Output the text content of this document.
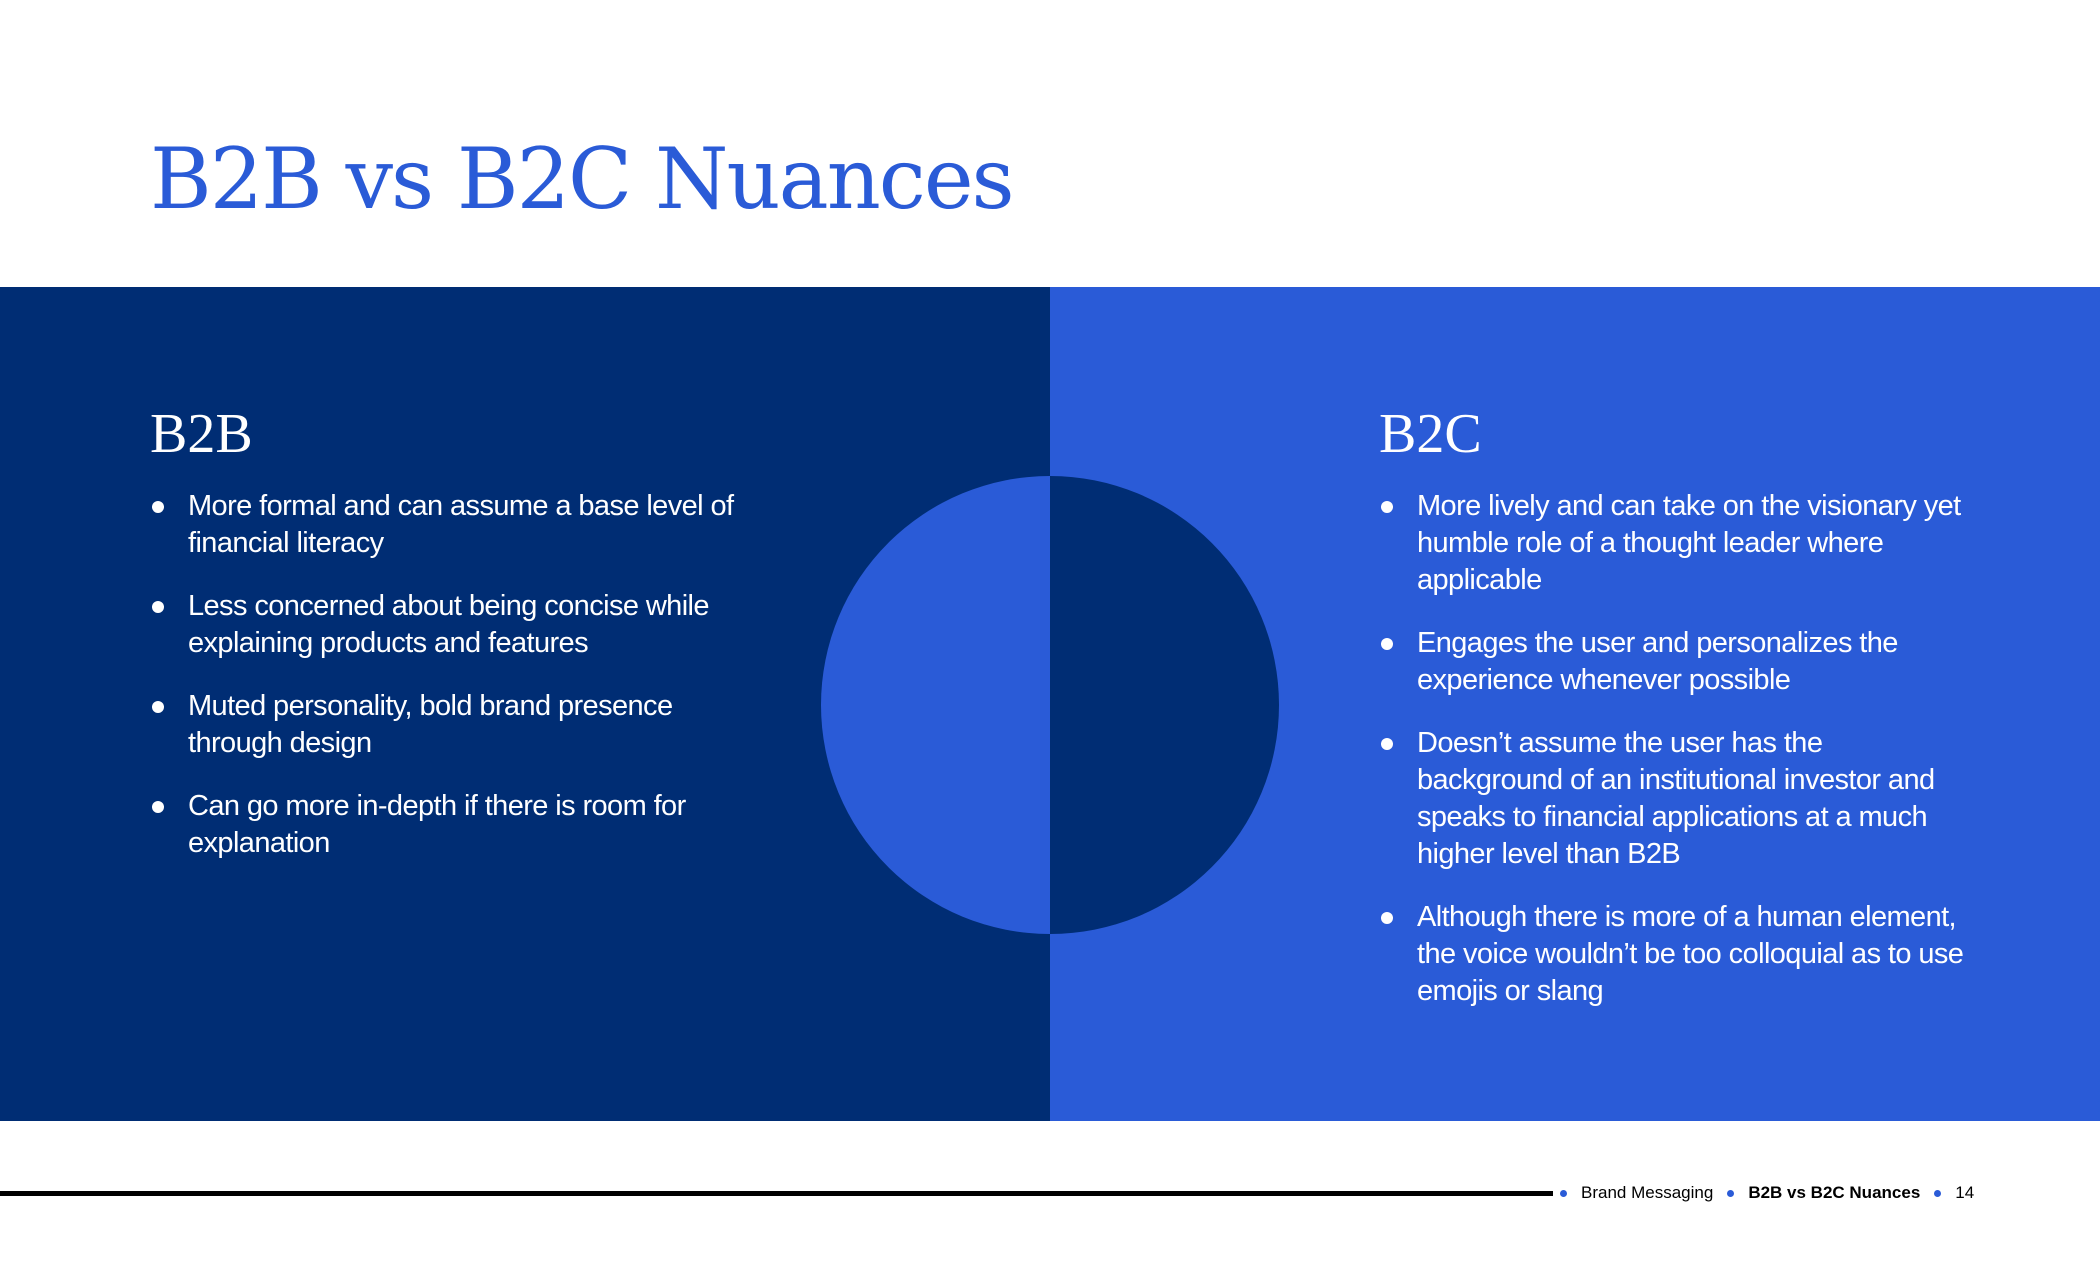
B2B vs B2C Nuances
B2B
More formal and can assume a base level of financial literacy
Less concerned about being concise while explaining products and features
Muted personality, bold brand presence through design
Can go more in-depth if there is room for explanation
B2C
More lively and can take on the visionary yet humble role of a thought leader where applicable
Engages the user and personalizes the experience whenever possible
Doesn’t assume the user has the background of an institutional investor and speaks to financial applications at a much higher level than B2B
Although there is more of a human element, the voice wouldn’t be too colloquial as to use emojis or slang
Brand Messaging B2B vs B2C Nuances 14
